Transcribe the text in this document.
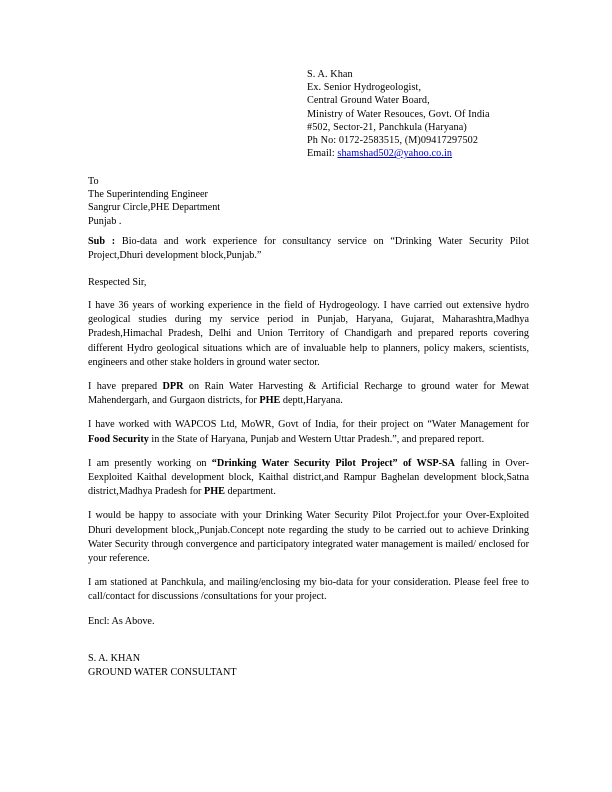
S. A. Khan
Ex. Senior Hydrogeologist,
Central Ground Water Board,
Ministry of Water Resouces, Govt. Of India
#502, Sector-21, Panchkula (Haryana)
Ph No: 0172-2583515, (M)09417297502
Email: shamshad502@yahoo.co.in
To
The Superintending Engineer
Sangrur Circle,PHE Department
Punjab .
Sub : Bio-data and work experience for consultancy service on “Drinking Water Security Pilot Project,Dhuri development block,Punjab.”
Respected Sir,

I have 36 years of working experience in the field of Hydrogeology. I have carried out extensive hydro geological studies during my service period in Punjab, Haryana, Gujarat, Maharashtra,Madhya Pradesh,Himachal Pradesh, Delhi and Union Territory of Chandigarh and prepared reports covering different Hydro geological situations which are of invaluable help to planners, policy makers, scientists, engineers and other stake holders in ground water sector.

I have prepared DPR on Rain Water Harvesting & Artificial Recharge to ground water for Mewat Mahendergarh, and Gurgaon districts, for PHE deptt,Haryana.

I have worked with WAPCOS Ltd, MoWR, Govt of India, for their project on “Water Management for Food Security in the State of Haryana, Punjab and Western Uttar Pradesh.”, and prepared report.

I am presently working on “Drinking Water Security Pilot Project” of WSP-SA falling in Over-Eexploited Kaithal development block, Kaithal district,and Rampur Baghelan development block,Satna district,Madhya Pradesh for PHE department.

I would be happy to associate with your Drinking Water Security Pilot Project.for your Over-Exploited Dhuri development block,,Punjab.Concept note regarding the study to be carried out to achieve Drinking Water Security through convergence and participatory integrated water management is mailed/ enclosed for your reference.

I am stationed at Panchkula, and mailing/enclosing my bio-data for your consideration. Please feel free to call/contact for discussions /consultations for your project.

Encl: As Above.
S. A. KHAN
GROUND WATER CONSULTANT
